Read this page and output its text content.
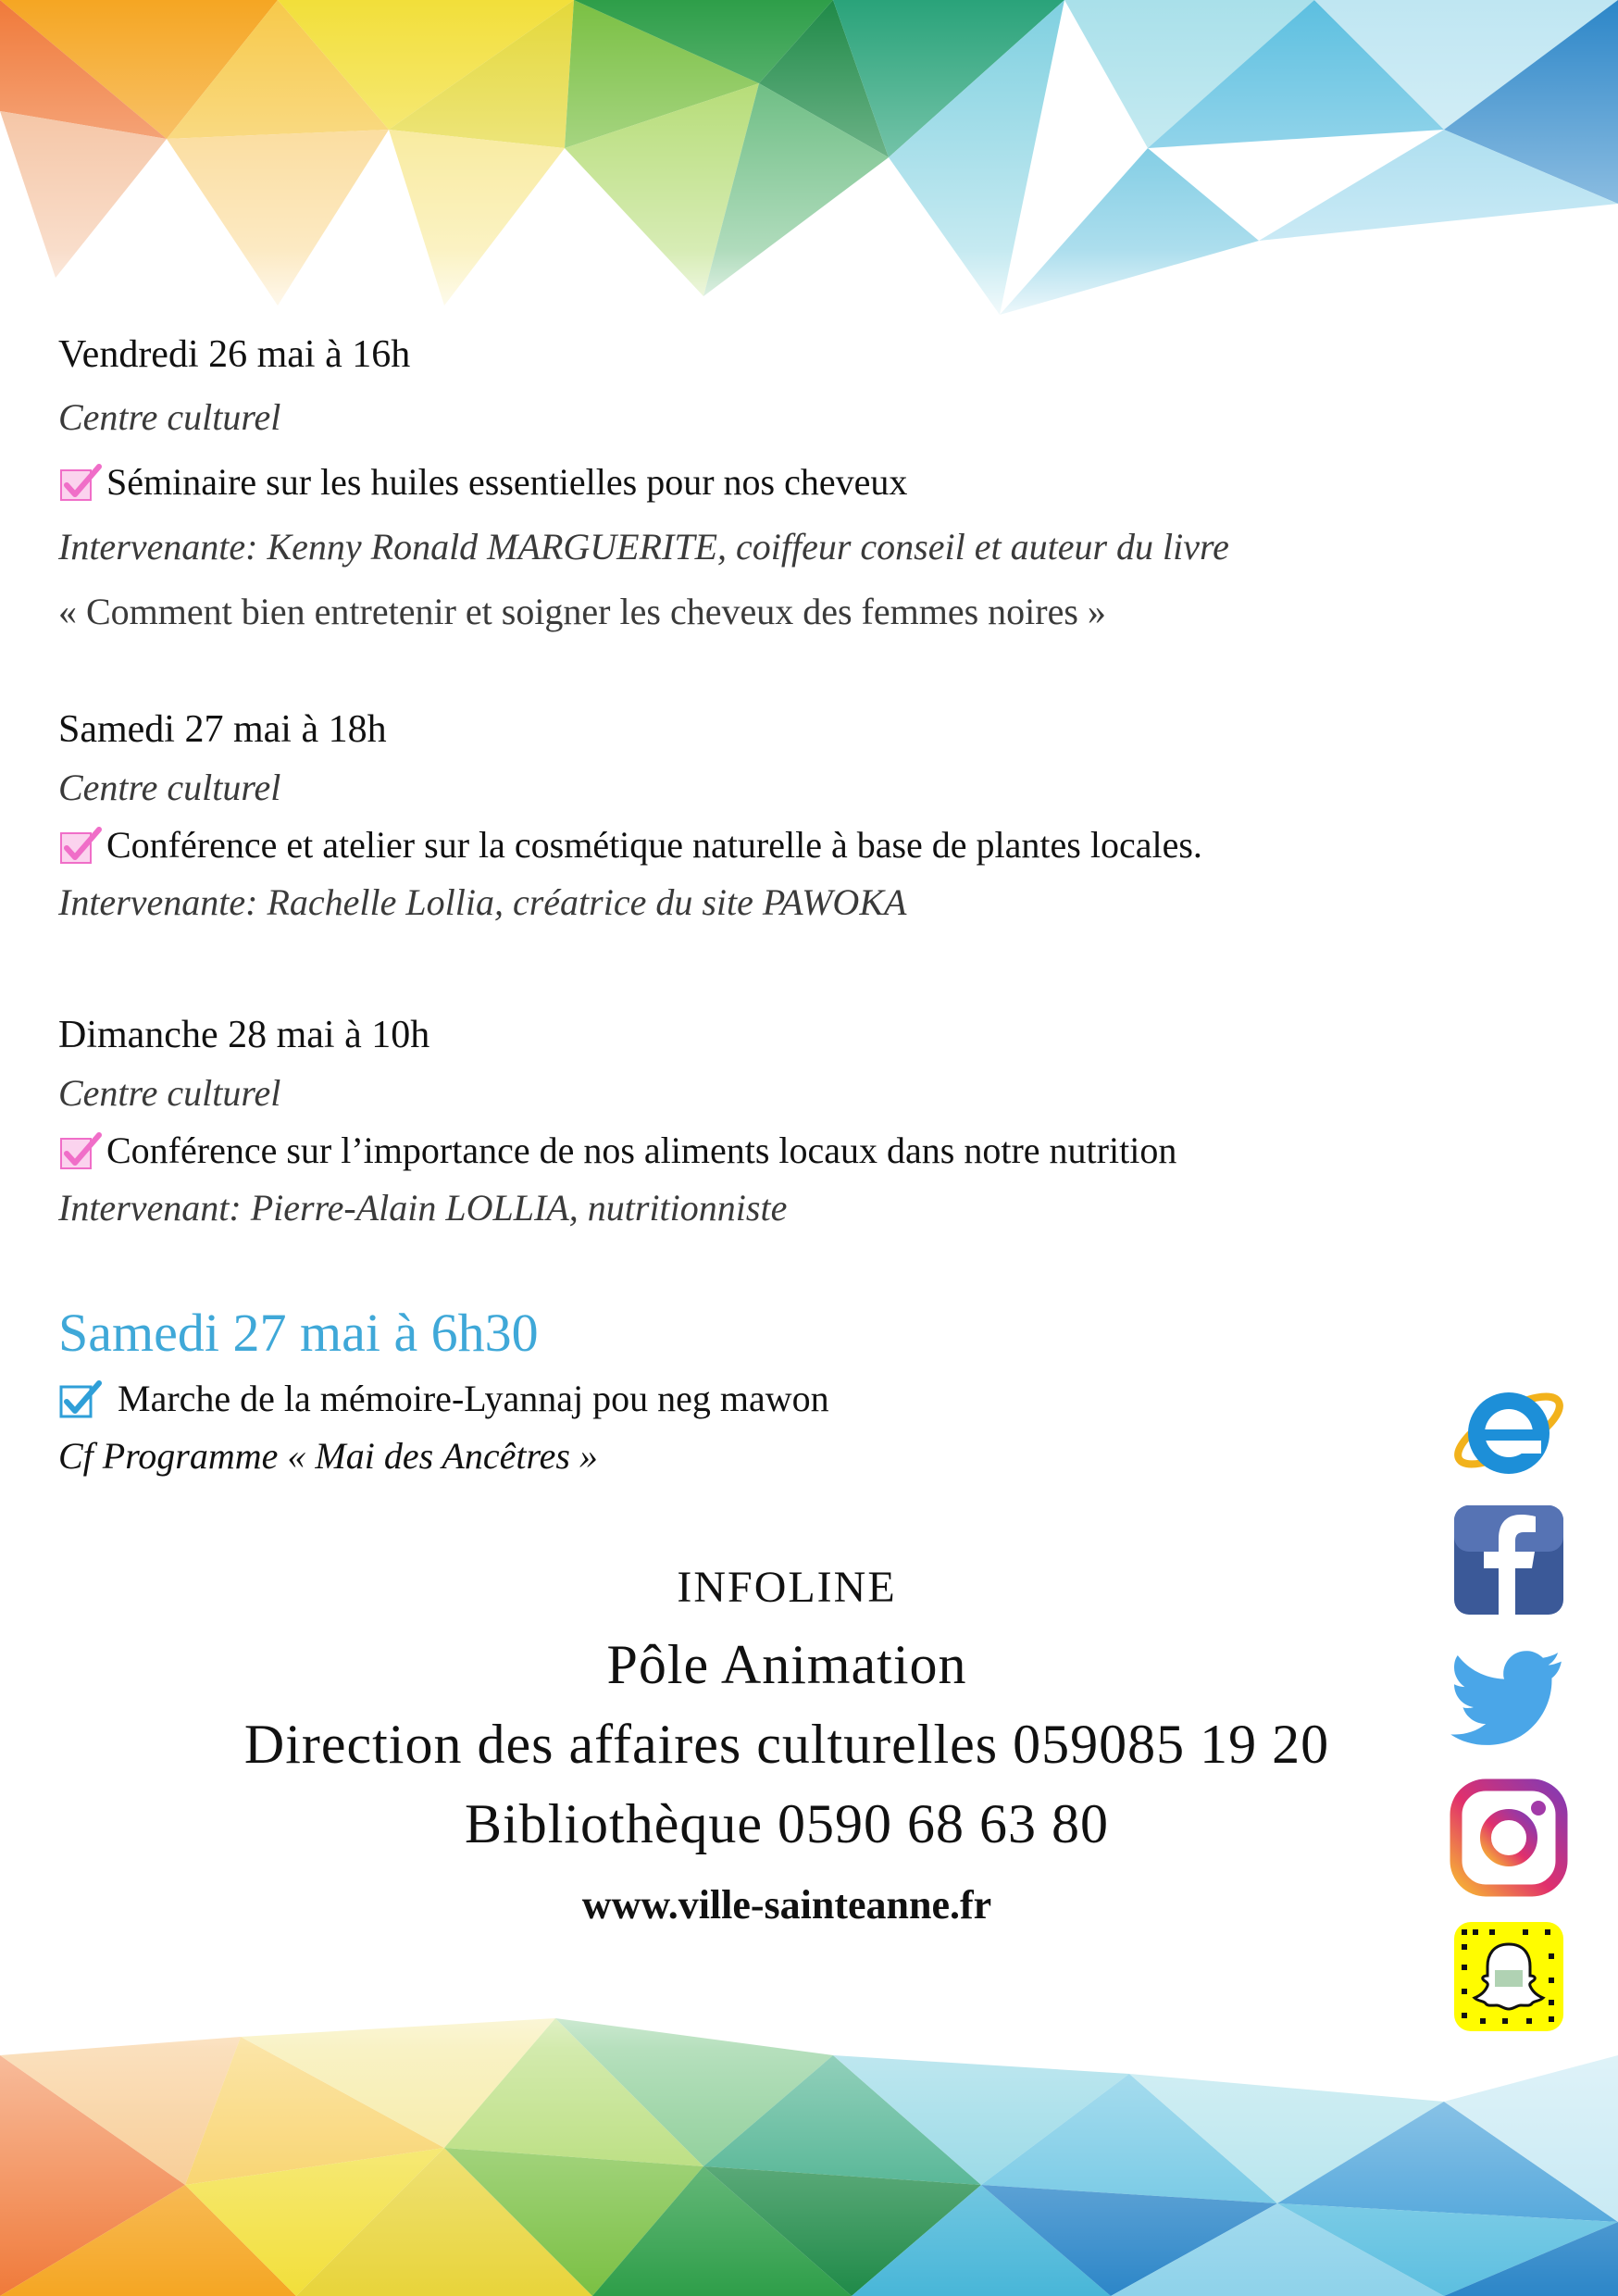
Vendredi 26 mai à 16h

Centre culturel

Séminaire sur les huiles essentielles pour nos cheveux

Intervenante: Kenny Ronald MARGUERITE, coiffeur conseil et auteur du livre

« Comment bien entretenir et soigner les cheveux des femmes noires »

Samedi 27 mai à 18h

Centre culturel

Conférence et atelier sur la cosmétique naturelle à base de plantes locales.

Intervenante: Rachelle Lollia, créatrice du site PAWOKA

Dimanche 28 mai à 10h

Centre culturel

Conférence sur l’importance de nos aliments locaux dans notre nutrition

Intervenant: Pierre-Alain LOLLIA, nutritionniste

Samedi 27 mai à 6h30

Marche de la mémoire-Lyannaj pou neg mawon

Cf Programme « Mai des Ancêtres »

INFOLINE

Pôle Animation

Direction des affaires culturelles 059085 19 20

Bibliothèque 0590 68 63 80

www.ville-sainteanne.fr
